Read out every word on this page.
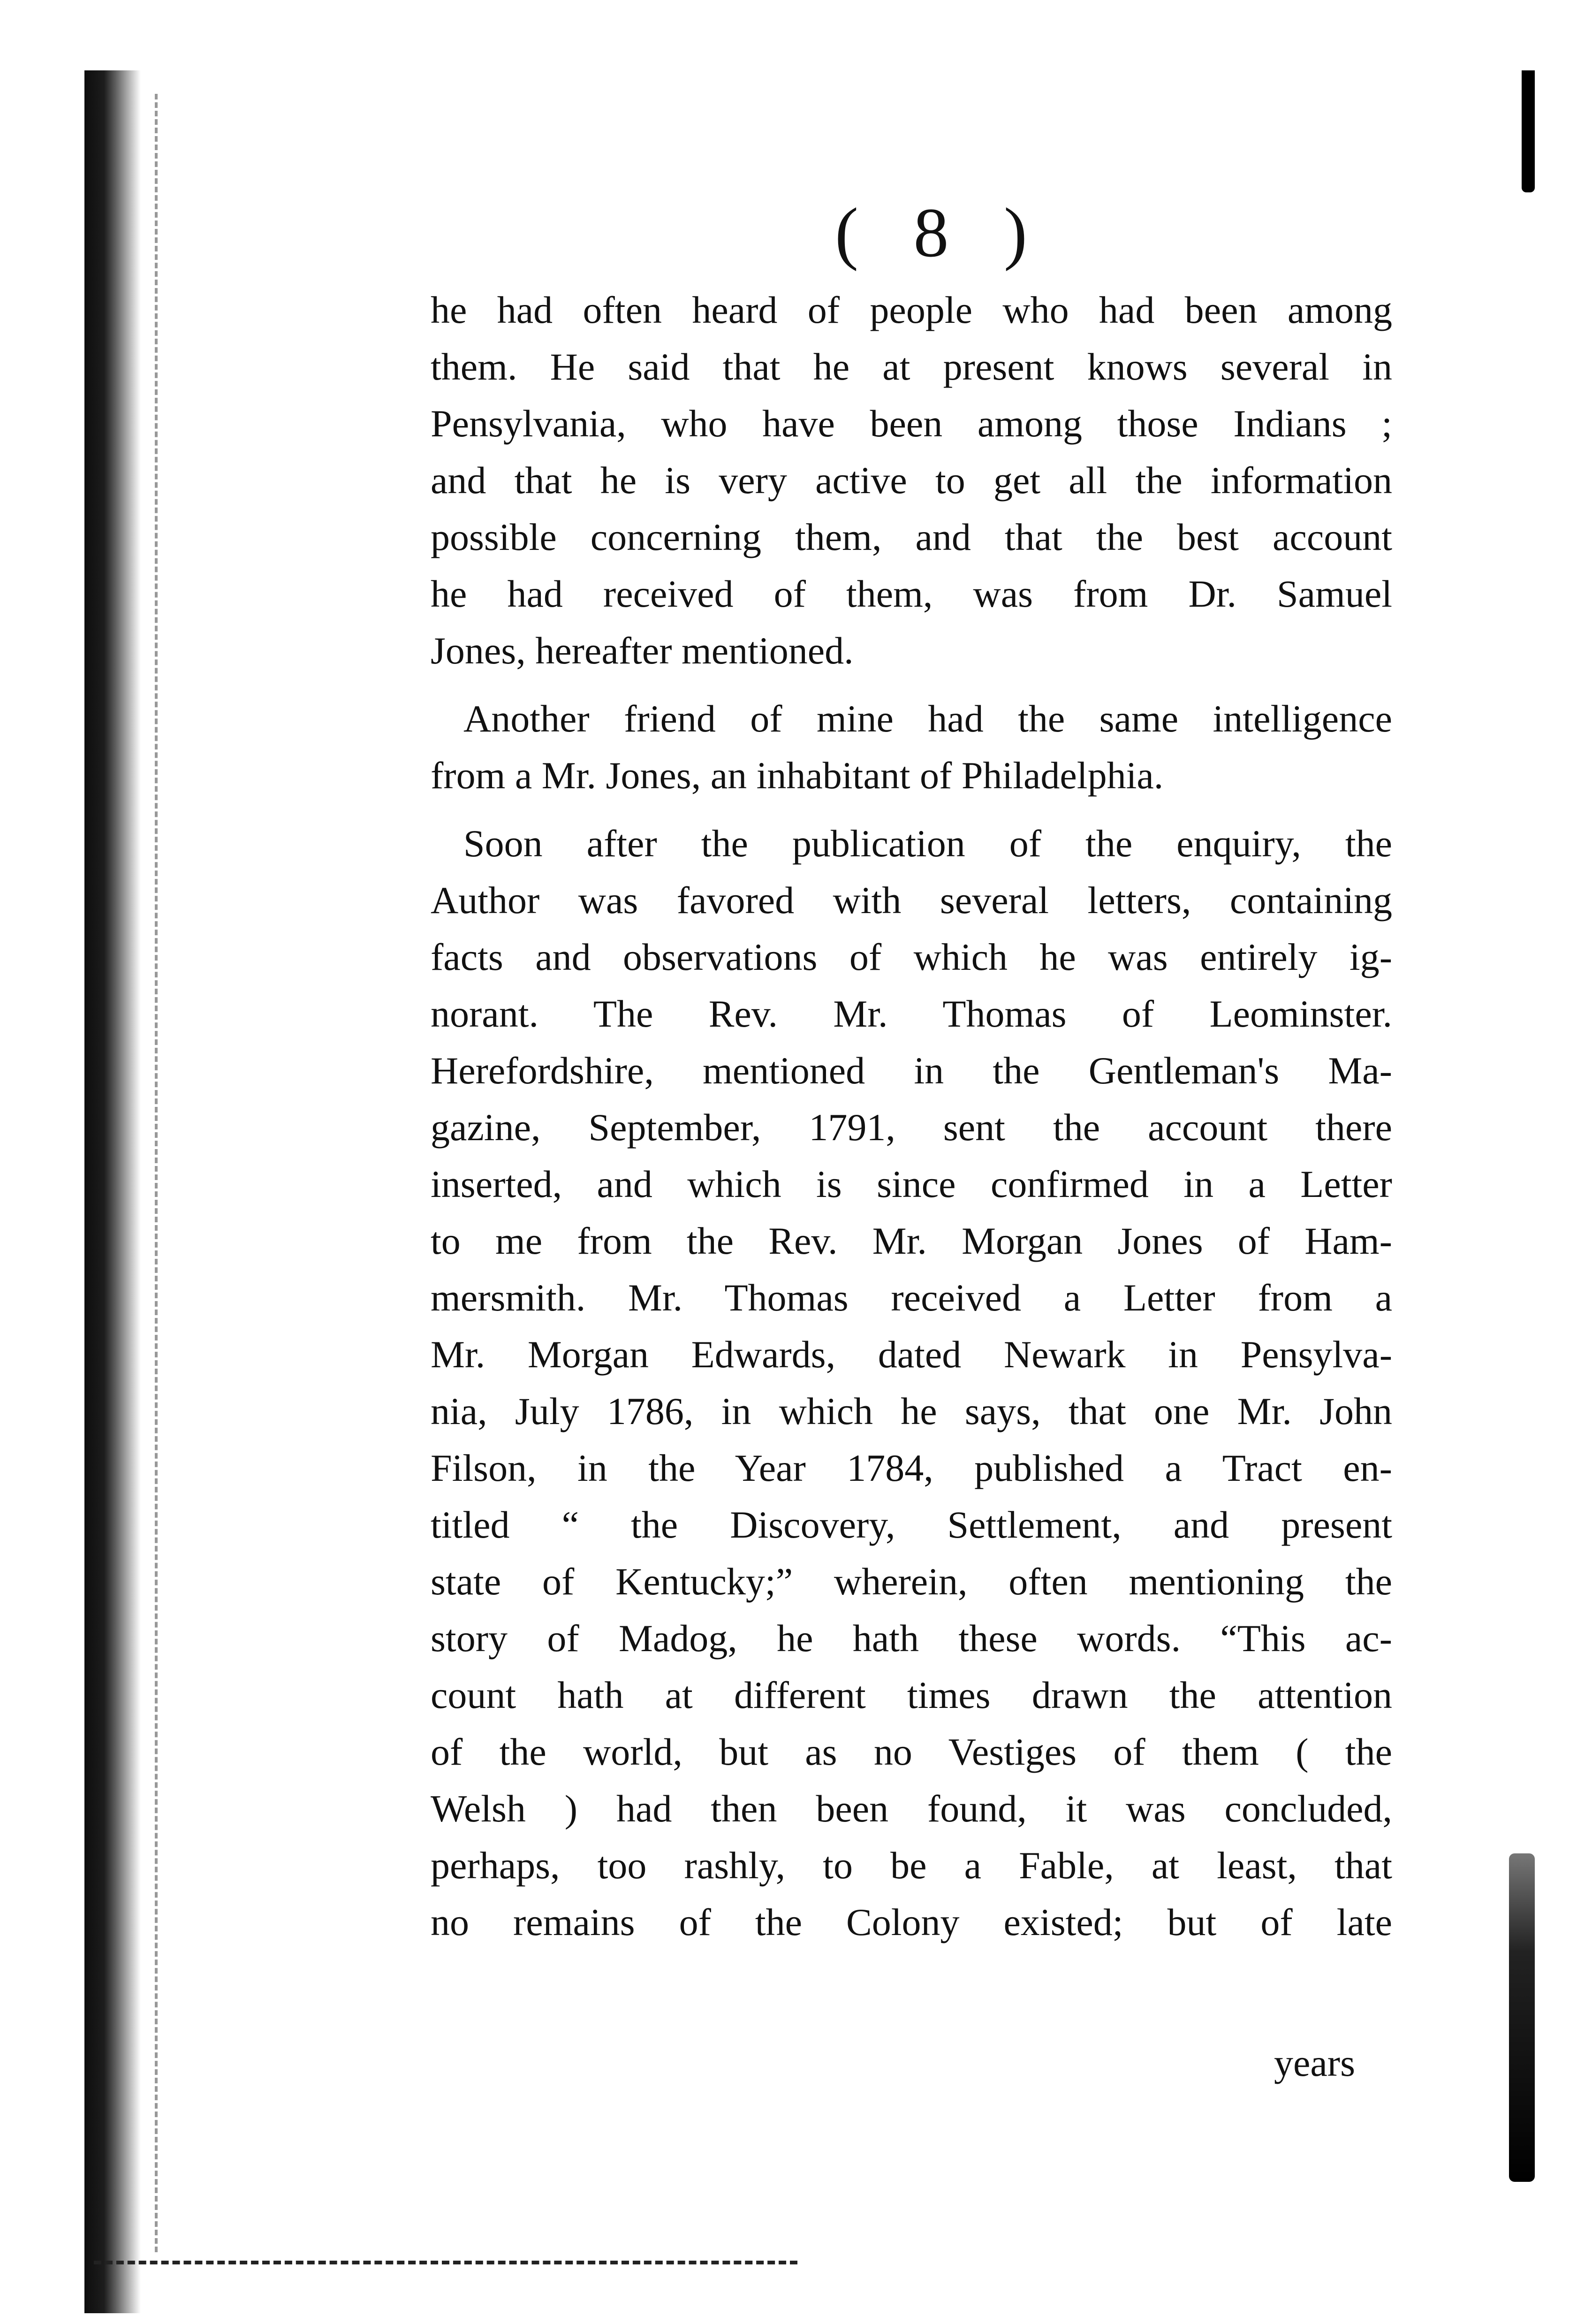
( 8 )
he had often heard of people who had been among
them. He said that he at present knows several in
Pensylvania, who have been among those Indians ;
and that he is very active to get all the information
possible concerning them, and that the best account
he had received of them, was from Dr. Samuel
Jones, hereafter mentioned.
Another friend of mine had the same intelligence
from a Mr. Jones, an inhabitant of Philadelphia.
Soon after the publication of the enquiry, the
Author was favored with several letters, containing
facts and observations of which he was entirely ig-
norant. The Rev. Mr. Thomas of Leominster.
Herefordshire, mentioned in the Gentleman's Ma-
gazine, September, 1791, sent the account there
inserted, and which is since confirmed in a Letter
to me from the Rev. Mr. Morgan Jones of Ham-
mersmith. Mr. Thomas received a Letter from a
Mr. Morgan Edwards, dated Newark in Pensylva-
nia, July 1786, in which he says, that one Mr. John
Filson, in the Year 1784, published a Tract en-
titled “ the Discovery, Settlement, and present
state of Kentucky;” wherein, often mentioning the
story of Madog, he hath these words. “This ac-
count hath at different times drawn the attention
of the world, but as no Vestiges of them ( the
Welsh ) had then been found, it was concluded,
perhaps, too rashly, to be a Fable, at least, that
no remains of the Colony existed; but of late
years
